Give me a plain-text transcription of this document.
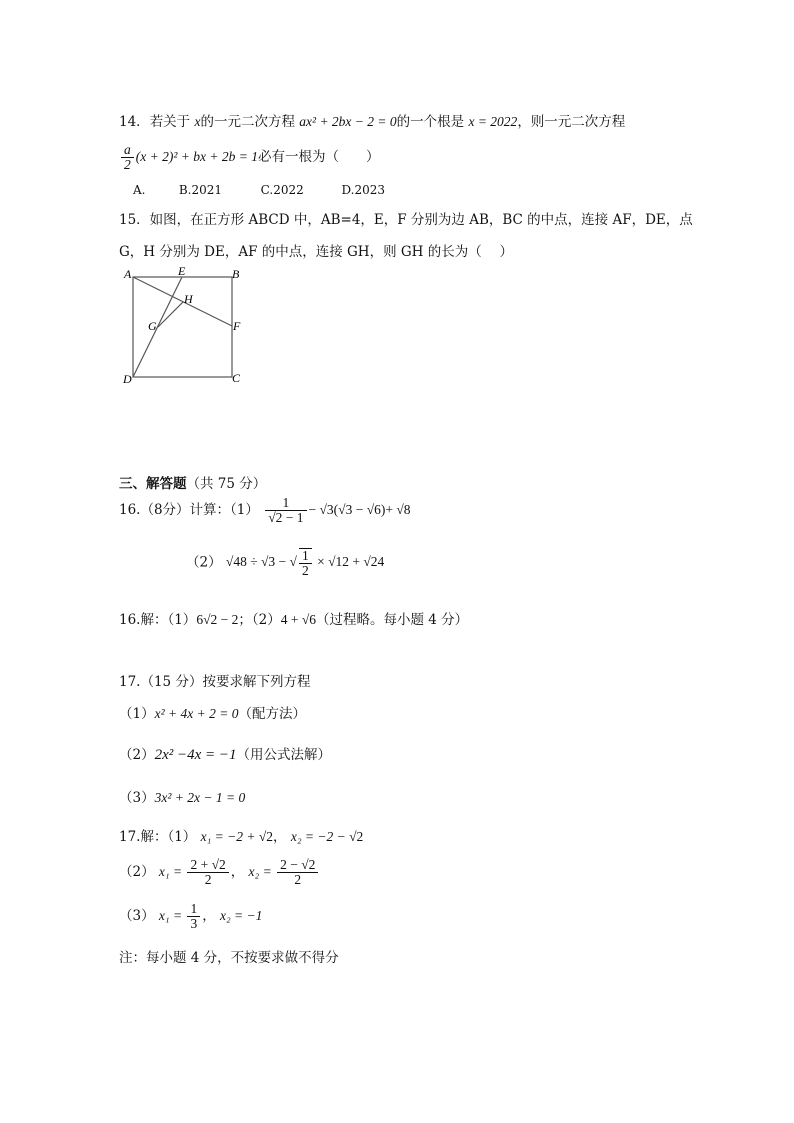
14．若关于 x的一元二次方程 ax² + 2bx − 2 = 0的一个根是 x = 2022，则一元二次方程
$\frac{a}{2} (x + 2)^2$ + bx + 2b = 1必有一根为（　　）
A.	B.2021	C.2022	D.2023
15．如图，在正方形 ABCD 中，AB=4，E，F 分别为边 AB，BC 的中点，连接 AF，DE，点
G，H 分别为 DE，AF 的中点，连接 GH，则 GH 的长为（　 ）
A	B
C
D
E
F
G
H
三、解答题（共 75 分）
16.（8分）计算：$(1) \frac{1}{√2 - 1} - √3(√3 - √6)+ √8$
（2） √48 ÷ √3 − √ $\frac{1}{2} \times √12 + √24$
16.解：（1）6√2 − 2；（2）4 + √6（过程略。每小题 4 分）
17.（15 分）按要求解下列方程
（1）x² + 4x + 2 = 0（配方法）
（2）2x² −4x = −1（用公式法解）
（3）3x² + 2x − 1 = 0
17.解：（1） x₁ = −2 + √2， x₂ = −2 − √2
（2） $x_1 = \frac{2 + √2}{2}$ ， $x_2 = \frac{2 - √2}{2}$
（3） $x_1 = \frac{1}{3}$ ， x₂ = −1
注：每小题 4 分，不按要求做不得分
